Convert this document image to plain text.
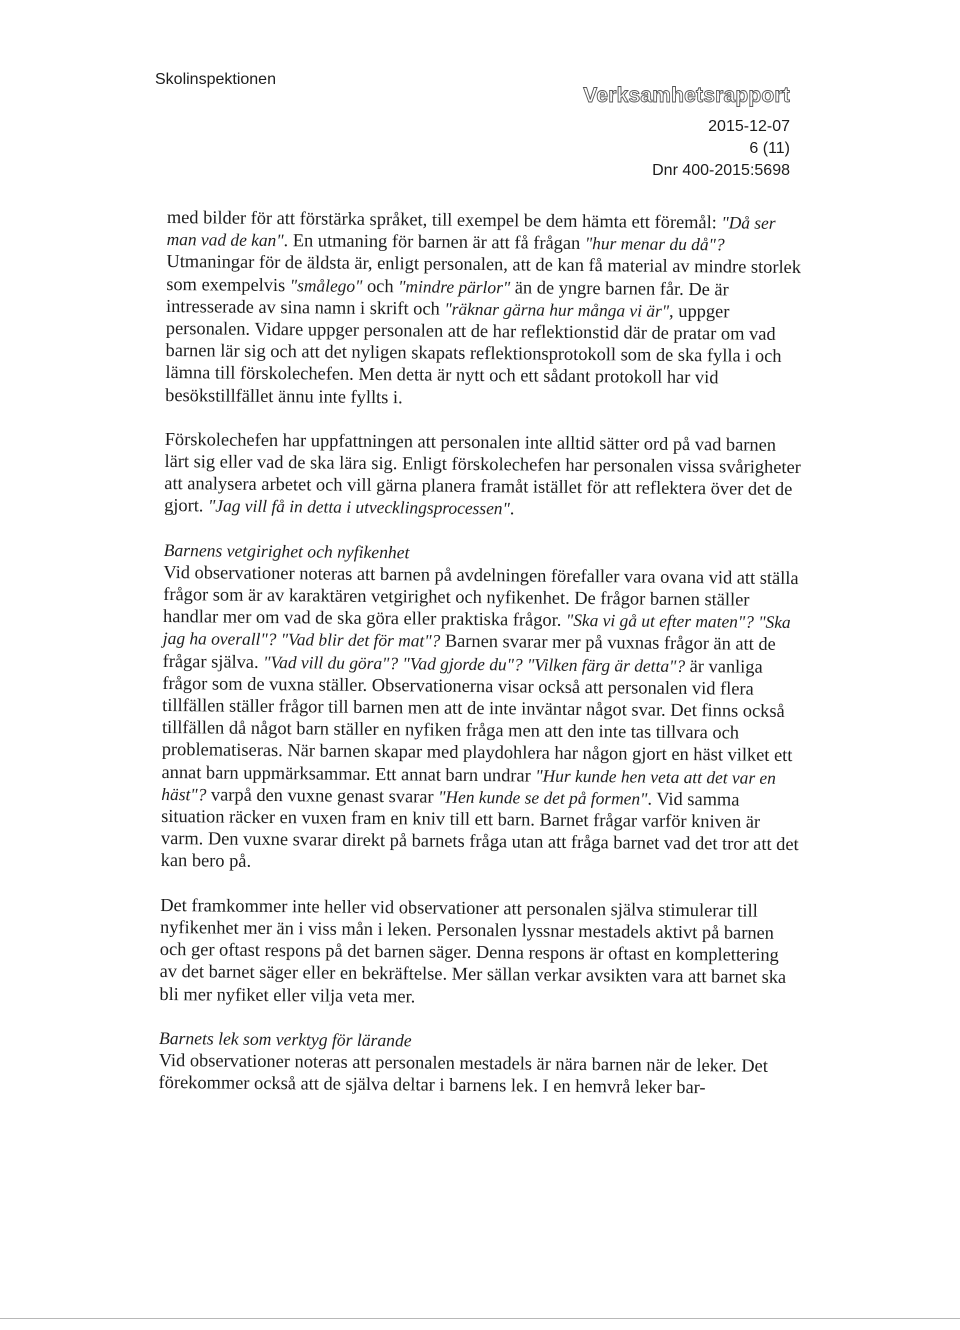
Skolinspektionen
Verksamhetsrapport
2015-12-07
6 (11)
Dnr 400-2015:5698

med bilder för att förstärka språket, till exempel be dem hämta ett föremål: "Då ser man vad de kan". En utmaning för barnen är att få frågan "hur menar du då"? Utmaningar för de äldsta är, enligt personalen, att de kan få material av mindre storlek som exempelvis "smålego" och "mindre pärlor" än de yngre barnen får. De är intresserade av sina namn i skrift och "räknar gärna hur många vi är", uppger personalen. Vidare uppger personalen att de har reflektionstid där de pratar om vad barnen lär sig och att det nyligen skapats reflektionsprotokoll som de ska fylla i och lämna till förskolechefen. Men detta är nytt och ett sådant protokoll har vid besökstillfället ännu inte fyllts i.

Förskolechefen har uppfattningen att personalen inte alltid sätter ord på vad barnen lärt sig eller vad de ska lära sig. Enligt förskolechefen har personalen vissa svårigheter att analysera arbetet och vill gärna planera framåt istället för att reflektera över det de gjort. "Jag vill få in detta i utvecklingsprocessen".

Barnens vetgirighet och nyfikenhet

Vid observationer noteras att barnen på avdelningen förefaller vara ovana vid att ställa frågor som är av karaktären vetgirighet och nyfikenhet. De frågor barnen ställer handlar mer om vad de ska göra eller praktiska frågor. "Ska vi gå ut efter maten"? "Ska jag ha overall"? "Vad blir det för mat"? Barnen svarar mer på vuxnas frågor än att de frågar själva. "Vad vill du göra"? "Vad gjorde du"? "Vilken färg är detta"? är vanliga frågor som de vuxna ställer. Observationerna visar också att personalen vid flera tillfällen ställer frågor till barnen men att de inte inväntar något svar. Det finns också tillfällen då något barn ställer en nyfiken fråga men att den inte tas tillvara och problematiseras. När barnen skapar med playdohlera har någon gjort en häst vilket ett annat barn uppmärksammar. Ett annat barn undrar "Hur kunde hen veta att det var en häst"? varpå den vuxne genast svarar "Hen kunde se det på formen". Vid samma situation räcker en vuxen fram en kniv till ett barn. Barnet frågar varför kniven är varm. Den vuxne svarar direkt på barnets fråga utan att fråga barnet vad det tror att det kan bero på.

Det framkommer inte heller vid observationer att personalen själva stimulerar till nyfikenhet mer än i viss mån i leken. Personalen lyssnar mestadels aktivt på barnen och ger oftast respons på det barnen säger. Denna respons är oftast en komplettering av det barnet säger eller en bekräftelse. Mer sällan verkar avsikten vara att barnet ska bli mer nyfiket eller vilja veta mer.

Barnets lek som verktyg för lärande

Vid observationer noteras att personalen mestadels är nära barnen när de leker. Det förekommer också att de själva deltar i barnens lek. I en hemvrå leker bar-
